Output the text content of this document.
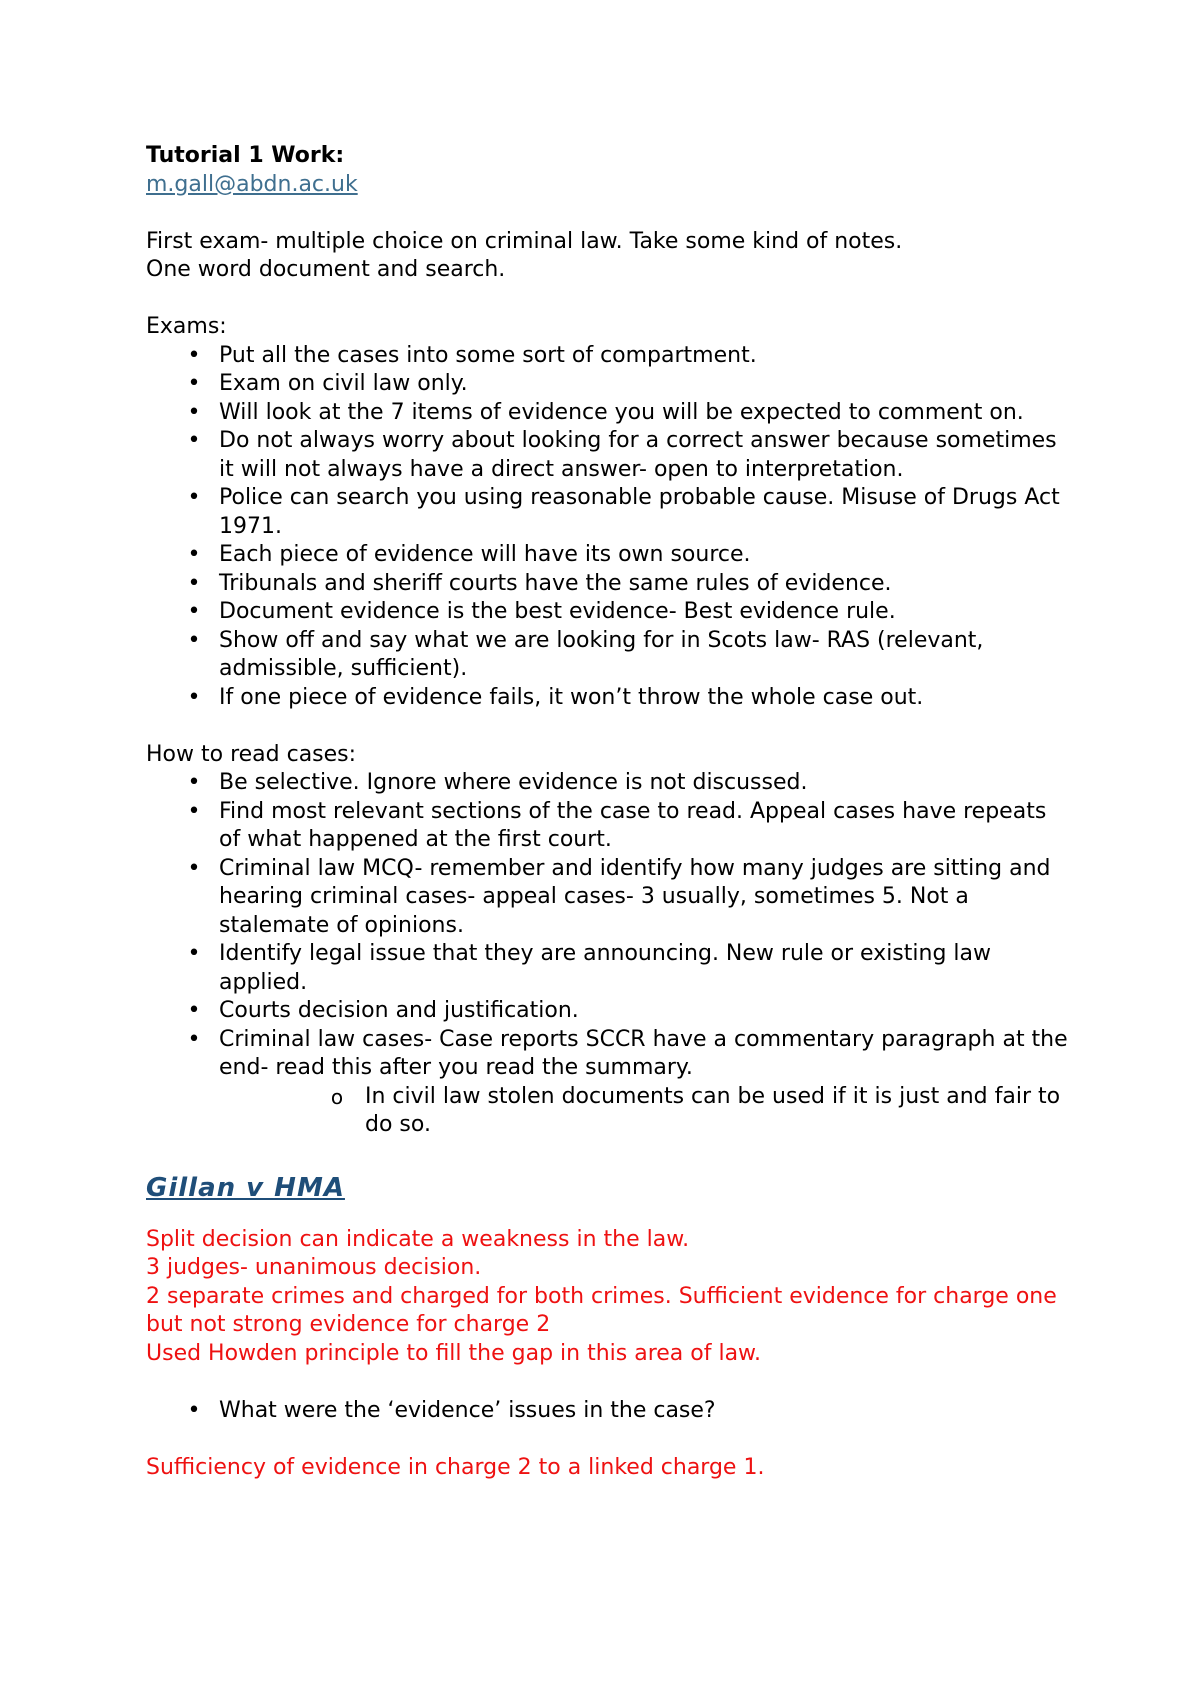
Tutorial 1 Work:

m.gall@abdn.ac.uk

First exam- multiple choice on criminal law. Take some kind of notes.

One word document and search.

Exams:

• Put all the cases into some sort of compartment.
• Exam on civil law only.
• Will look at the 7 items of evidence you will be expected to comment on.
• Do not always worry about looking for a correct answer because sometimes it will not always have a direct answer- open to interpretation.
• Police can search you using reasonable probable cause. Misuse of Drugs Act 1971.
• Each piece of evidence will have its own source.
• Tribunals and sheriff courts have the same rules of evidence.
• Document evidence is the best evidence- Best evidence rule.
• Show off and say what we are looking for in Scots law- RAS (relevant, admissible, sufficient).
• If one piece of evidence fails, it won’t throw the whole case out.

How to read cases:

• Be selective. Ignore where evidence is not discussed.
• Find most relevant sections of the case to read. Appeal cases have repeats of what happened at the first court.
• Criminal law MCQ- remember and identify how many judges are sitting and hearing criminal cases- appeal cases- 3 usually, sometimes 5. Not a stalemate of opinions.
• Identify legal issue that they are announcing. New rule or existing law applied.
• Courts decision and justification.
• Criminal law cases- Case reports SCCR have a commentary paragraph at the end- read this after you read the summary.
o In civil law stolen documents can be used if it is just and fair to do so.

Gillan v HMA

Split decision can indicate a weakness in the law.

3 judges- unanimous decision.

2 separate crimes and charged for both crimes. Sufficient evidence for charge one but not strong evidence for charge 2

Used Howden principle to fill the gap in this area of law.

• What were the ‘evidence’ issues in the case?

Sufficiency of evidence in charge 2 to a linked charge 1.
